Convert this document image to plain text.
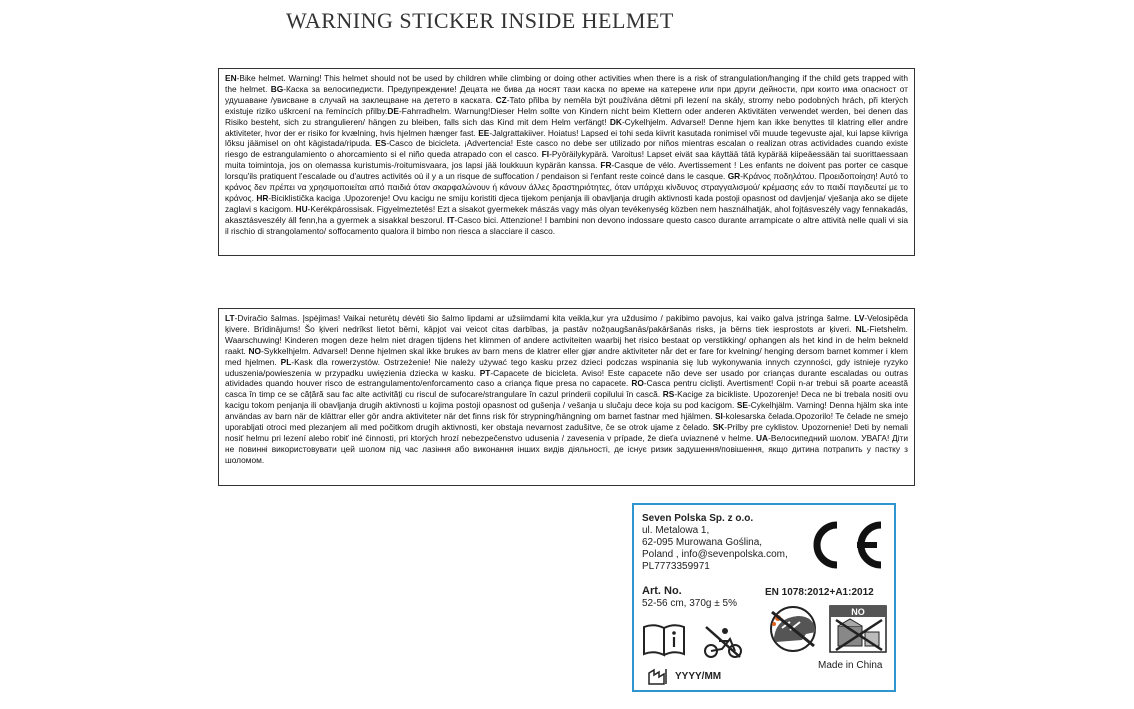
WARNING STICKER INSIDE HELMET
EN-Bike helmet. Warning! This helmet should not be used by children while climbing or doing other activities when there is a risk of strangulation/hanging if the child gets trapped with the helmet. BG-Каска за велосипедисти. Предупреждение! Децата не бива да носят тази каска по време на катерене или при други дейности, при които има опасност от удушаване /увисване в случай на заклещване на детето в каската. CZ-Tato přilba by neměla být používána dětmi při lezení na skály, stromy nebo podobných hrách, při kterých existuje riziko uškrcení na řemíncích přilby.DE-Fahrradhelm. Warnung!Dieser Helm sollte von Kindern nicht beim Klettern oder anderen Aktivitäten verwendet werden, bei denen das Risiko besteht, sich zu strangulieren/ hängen zu bleiben, falls sich das Kind mit dem Helm verfängt! DK-Cykelhjelm. Advarsel! Denne hjem kan ikke benyttes til klatring eller andre aktiviteter, hvor der er risiko for kvælning, hvis hjelmen hænger fast. EE-Jalgrattakiiver. Hoiatus! Lapsed ei tohi seda kiivrit kasutada ronimisel või muude tegevuste ajal, kui lapse kiivriga lõksu jäämisel on oht kägistada/ripuda. ES-Casco de bicicleta. ¡Advertencia! Este casco no debe ser utilizado por niños mientras escalan o realizan otras actividades cuando existe riesgo de estrangulamiento o ahorcamiento si el niño queda atrapado con el casco. FI-Pyöräilykypärä. Varoitus! Lapset eivät saa käyttää tätä kypärää kiipeäessään tai suorittaessaan muita toimintoja, jos on olemassa kuristumis-/roitumisvaara, jos lapsi jää loukkuun kypärän kanssa. FR-Casque de vélo. Avertissement ! Les enfants ne doivent pas porter ce casque lorsqu'ils pratiquent l'escalade ou d'autres activités où il y a un risque de suffocation / pendaison si l'enfant reste coincé dans le casque. GR-Κράνος ποδηλάτου. Προειδοποίηση! Αυτό το κράνος δεν πρέπει να χρησιμοποιείται από παιδιά όταν σκαρφαλώνουν ή κάνουν άλλες δραστηριότητες, όταν υπάρχει κίνδυνος στραγγαλισμού/ κρέμασης εάν το παιδί παγιδευτεί με το κράνος. HR-Biciklistička kaciga .Upozorenje! Ovu kacigu ne smiju koristiti djeca tijekom penjanja ili obavljanja drugih aktivnosti kada postoji opasnost od davljenja/ vješanja ako se dijete zaglavi s kacigom. HU-Kerékpárossisak. Figyelmeztetés! Ezt a sisakot gyermekek mászás vagy más olyan tevékenység közben nem használhatják, ahol fojtásveszély vagy fennakadás, akasztásveszély áll fenn,ha a gyermek a sisakkal beszorul. IT-Casco bici. Attenzione! I bambini non devono indossare questo casco durante arrampicate o altre attività nelle quali vi sia il rischio di strangolamento/ soffocamento qualora il bimbo non riesca a slacciare il casco.
LT-Dviračio šalmas. Įspėjimas! Vaikai neturėtų dėvėti šio šalmo lipdami ar užsiimdami kita veikla,kur yra uždusimo / pakibimo pavojus, kai vaiko galva įstringa šalme. LV-Velosipēda ķivere. Brīdinājums! Šo ķiveri nedrīkst lietot bērni, kāpjot vai veicot citas darbības, ja pastāv nožņaugšanās/pakāršanās risks, ja bērns tiek iesprostots ar ķiveri. NL-Fietshelm. Waarschuwing! Kinderen mogen deze helm niet dragen tijdens het klimmen of andere activiteiten waarbij het risico bestaat op verstikking/ ophangen als het kind in de helm bekneld raakt. NO-Sykkelhjelm. Advarsel! Denne hjelmen skal ikke brukes av barn mens de klatrer eller gjør andre aktiviteter når det er fare for kvelning/ henging dersom barnet kommer i klem med hjelmen. PL-Kask dla rowerzystów. Ostrzeżenie! Nie należy używać tego kasku przez dzieci podczas wspinania się lub wykonywania innych czynności, gdy istnieje ryzyko uduszenia/powieszenia w przypadku uwięzienia dziecka w kasku. PT-Capacete de bicicleta. Aviso! Este capacete não deve ser usado por crianças durante escaladas ou outras atividades quando houver risco de estrangulamento/enforcamento caso a criança fique presa no capacete. RO-Casca pentru ciclişti. Avertisment! Copii n-ar trebui să poarte această casca în timp ce se cățără sau fac alte activități cu riscul de sufocare/strangulare în cazul prinderii copilului în cască. RS-Kacige za biciklistе. Upozorenje! Deca ne bi trebala nositi ovu kacigu tokom penjanja ili obavljanja drugih aktivnosti u kojima postoji opasnost od gušenja / vešanja u slučaju dece koja su pod kacigom. SE-Cykelhjälm. Varning! Denna hjälm ska inte användas av barn när de klättrar eller gör andra aktiviteter när det finns risk för strypning/hängning om barnet fastnar med hjälmen. SI-kolesarska čelada.Opozorilo! Te čelade ne smejo uporabljati otroci med plezanjem ali med počitkom drugih aktivnosti, ker obstaja nevarnost zadušitve, če se otrok ujame z čelado. SK-Prilby pre cyklistov. Upozornenie! Deti by nemali nosiť helmu pri lezení alebo robiť iné činnosti, pri ktorých hrozí nebezpečenstvo udusenia / zavesenia v prípade, že dieťa uviaznené v helme. UA-Велосипедний шолом. УВАГА! Діти не повинні використовувати цей шолом під час лазіння або виконання інших видів діяльності, де існує ризик задушення/повішення, якщо дитина потрапить у пастку з шоломом.
Seven Polska Sp. z o.o.
ul. Metalowa 1,
62-095 Murowana Goślina,
Poland , info@sevenpolska.com,
PL7773359971
Art. No.
52-56 cm, 370g ± 5%
EN 1078:2012+A1:2012
NO
Made in China
YYYY/MM
